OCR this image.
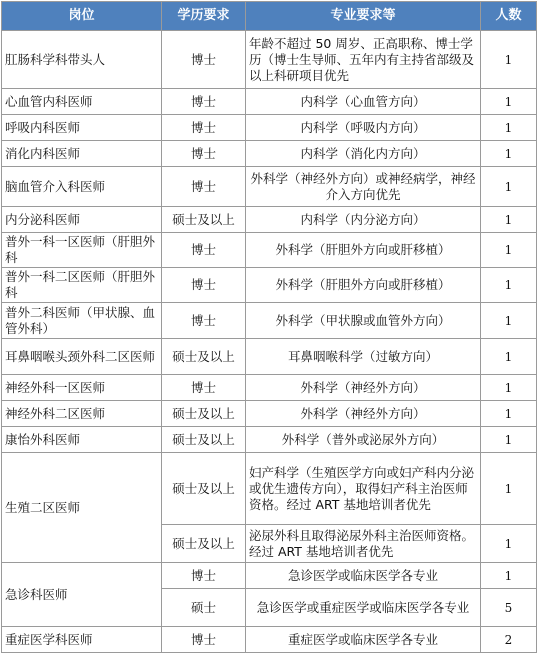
岗位	学历要求	专业要求等	人数
肛肠科学科带头人	博士	年龄不超过 50 周岁、正高职称、博士学历（博士生导师、五年内有主持省部级及以上科研项目优先	1
心血管内科医师	博士	内科学（心血管方向）	1
呼吸内科医师	博士	内科学（呼吸内方向）	1
消化内科医师	博士	内科学（消化内方向）	1
脑血管介入科医师	博士	外科学（神经外方向）或神经病学，神经介入方向优先	1
内分泌科医师	硕士及以上	内科学（内分泌方向）	1
普外一科一区医师（肝胆外科	博士	外科学（肝胆外方向或肝移植）	1
普外一科二区医师（肝胆外科	博士	外科学（肝胆外方向或肝移植）	1
普外二科医师（甲状腺、血管外科）	博士	外科学（甲状腺或血管外方向）	1
耳鼻咽喉头颈外科二区医师	硕士及以上	耳鼻咽喉科学（过敏方向）	1
神经外科一区医师	博士	外科学（神经外方向）	1
神经外科二区医师	硕士及以上	外科学（神经外方向）	1
康怡外科医师	硕士及以上	外科学（普外或泌尿外方向）	1
生殖二区医师	硕士及以上	妇产科学（生殖医学方向或妇产科内分泌或优生遗传方向），取得妇产科主治医师资格。经过 ART 基地培训者优先	1
	硕士及以上	泌尿外科且取得泌尿外科主治医师资格。经过 ART 基地培训者优先	1
急诊科医师	博士	急诊医学或临床医学各专业	1
	硕士	急诊医学或重症医学或临床医学各专业	5
重症医学科医师	博士	重症医学或临床医学各专业	2
